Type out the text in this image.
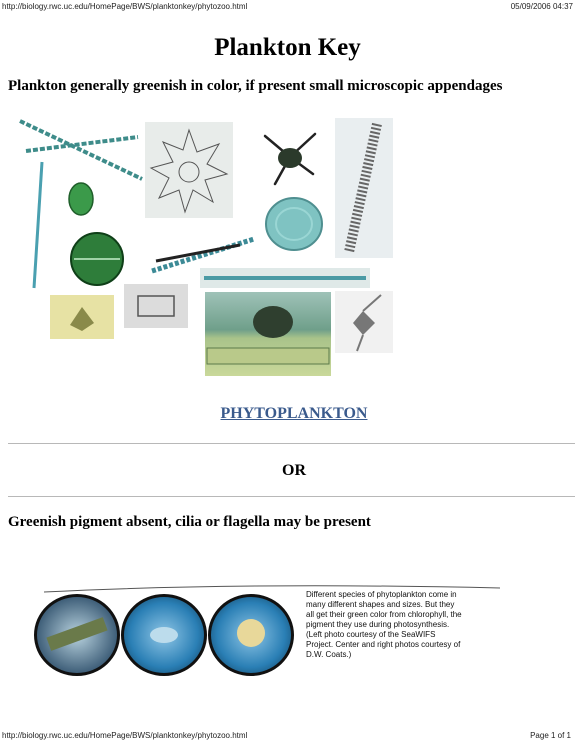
http://biology.rwc.uc.edu/HomePage/BWS/planktonkey/phytozoo.html	05/09/2006 04:37
Plankton Key
Plankton generally greenish in color, if present small microscopic appendages
PHYTOPLANKTON
OR
Greenish pigment absent, cilia or flagella may be present
Different species of phytoplankton come in many different shapes and sizes. But they all get their green color from chlorophyll, the pigment they use during photosynthesis. (Left photo courtesy of the SeaWIFS Project. Center and right photos courtesy of D.W. Coats.)
http://biology.rwc.uc.edu/HomePage/BWS/planktonkey/phytozoo.html	Page 1 of 1
